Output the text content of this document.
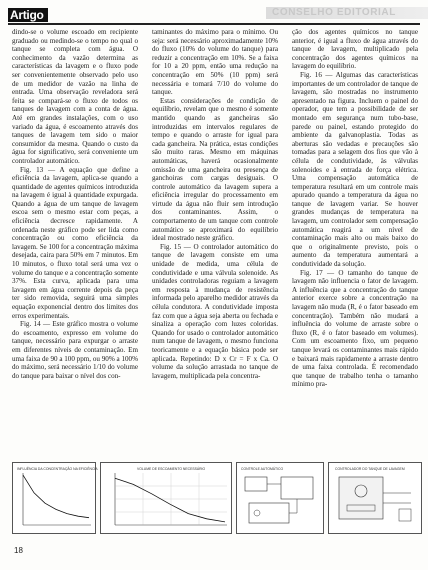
Artigo	CONSELHO EDITORIAL

dindo-se o volume escoado em recipiente graduado ou medindo-se o tempo no qual o tanque se completa com água. O conhecimento da vazão determina as características da lavagem e o fluxo pode ser convenientemente observado pelo uso de um medidor de vazão na linha de entrada. Uma observação reveladora será feita se compará-se o fluxo de todos os tanques de lavagem com a conta de água. Até em grandes instalações, com o uso variado da água, é escoamento através dos tanques de lavagem tem sido o maior consumidor da mesma. Quando o custo da água for significativo, será conveniente um controlador automático.

Fig. 13 — A equação que define a eficiência da lavagem, aplica-se quando a quantidade de agentes químicos introduzida na lavagem é igual à quantidade expurgada. Quando a água de um tanque de lavagem escoa sem o mesmo estar com peças, a eficiência decresce rapidamente. A ordenada neste gráfico pode ser lida como concentração ou como eficiência da lavagem. Se 100 for a concentração máxima desejada, caira para 50% em 7 minutos. Em 10 minutos, o fluxo total será uma vez o volume do tanque e a concentração somente 37%. Esta curva, aplicada para uma lavagem em água corrente depois da peça ter sido removida, seguirá uma simples equação exponencial dentro dos limites dos erros experimentais.

Fig. 14 — Este gráfico mostra o volume do escoamento, expresso em volume do tanque, necessário para expurgar o arraste em diferentes níveis de contaminação. Em uma faixa de 90 a 100 ppm, ou 90% a 100% do máximo, será necessário 1/10 do volume do tanque para baixar o nível dos con-

taminantes do máximo para o mínimo. Ou seja: será necessário aproximadamente 10% do fluxo (10% do volume do tanque) para reduzir a concentração em 10%. Se a faixa for 10 a 20 ppm, então uma redução na concentração em 50% (10 ppm) será necessária e tomará 7/10 do volume do tanque.

Estas considerações de condição de equilíbrio, revelam que o mesmo é somente mantido quando as gancheiras são introduzidas em intervalos regulares de tempo e quando o arraste for igual para cada gancheira. Na prática, estas condições são muito raras. Mesmo em máquinas automáticas, haverá ocasionalmente omissão de uma gancheira ou presença de ganchoiras com cargas desiguais. O controle automático da lavagem supera a eficiência irregular do processamento em virtude da água não fluir sem introdução dos contaminantes. Assim, o comportamento de um tanque com controle automático se aproximará do equilíbrio ideal mostrado neste gráfico.

Fig. 15 — O controlador automático do tanque de lavagem consiste em uma unidade de medida, uma célula de condutividade e uma válvula solenoide. As unidades controladoras reguiam a lavagem em resposta à mudança de resistência informada pelo aparelho medidor através da célula condutora. A condutividade imposta faz com que a água seja aberta ou fechada e sinaliza a operação com luzes coloridas. Quando for usado o controlador automático num tanque de lavagem, o mesmo funciona teoricamente e a equação básica pode ser aplicada. Repetindo: D x Cr = F x Ca. O volume da solução arrastada no tanque de lavagem, multiplicada pela concentra-

ção dos agentes químicos no tanque anterior, é igual a fluxo de água através do tanque de lavagem, multiplicado pela concentração dos agentes químicos na lavagem do equilíbrio.

Fig. 16 — Algumas das características importantes de um controlador de tanque de lavagem, são mostradas no instrumento apresentado na figura. Incluem o painel do operador, que tem a possibilidade de ser montado em segurança num tubo-base, parede ou painel, estando protegido do ambiente da galvanoplastia. Todas as aberturas são vedadas e precauções são tomadas para a selagem dos fios que vão à célula de condutividade, às válvulas solenoides e à entrada de força elétrica. Uma compensação automática de temperatura resultará em um controle mais apurado quando a temperatura da água no tanque de lavagem variar. Se houver grandes mudanças de temperatura na lavagem, um controlador sem compensação automática reagirá a um nível de contaminação mais alto ou mais baixo do que o originalmente previsto, pois o aumento da temperatura aumentará a condutividade da solução.

Fig. 17 — O tamanho do tanque de lavagem não influencia o fator de lavagem. A influência que a concentração do tanque anterior exerce sobre a concentração na lavagem não muda (R, é o fator baseado em concentração). Também não mudará a influência do volume de arraste sobre o fluxo (R, é o fator baseado em volumes). Com um escoamento fixo, um pequeno tanque levará os contaminantes mais rápido e baixará mais rapidamente a arraste dentro de uma faixa controlada. É recomendado que tanque de trabalho tenha o tamanho mínimo pra-

INFLUÊNCIA DA CONCENTRAÇÃO NA EFICIÊNCIA	VOLUME DE ESCOAMENTO NECESSÁRIO	CONTROLE AUTOMÁTICO	CONTROLADOR DO TANQUE DE LAVAGEM
18
